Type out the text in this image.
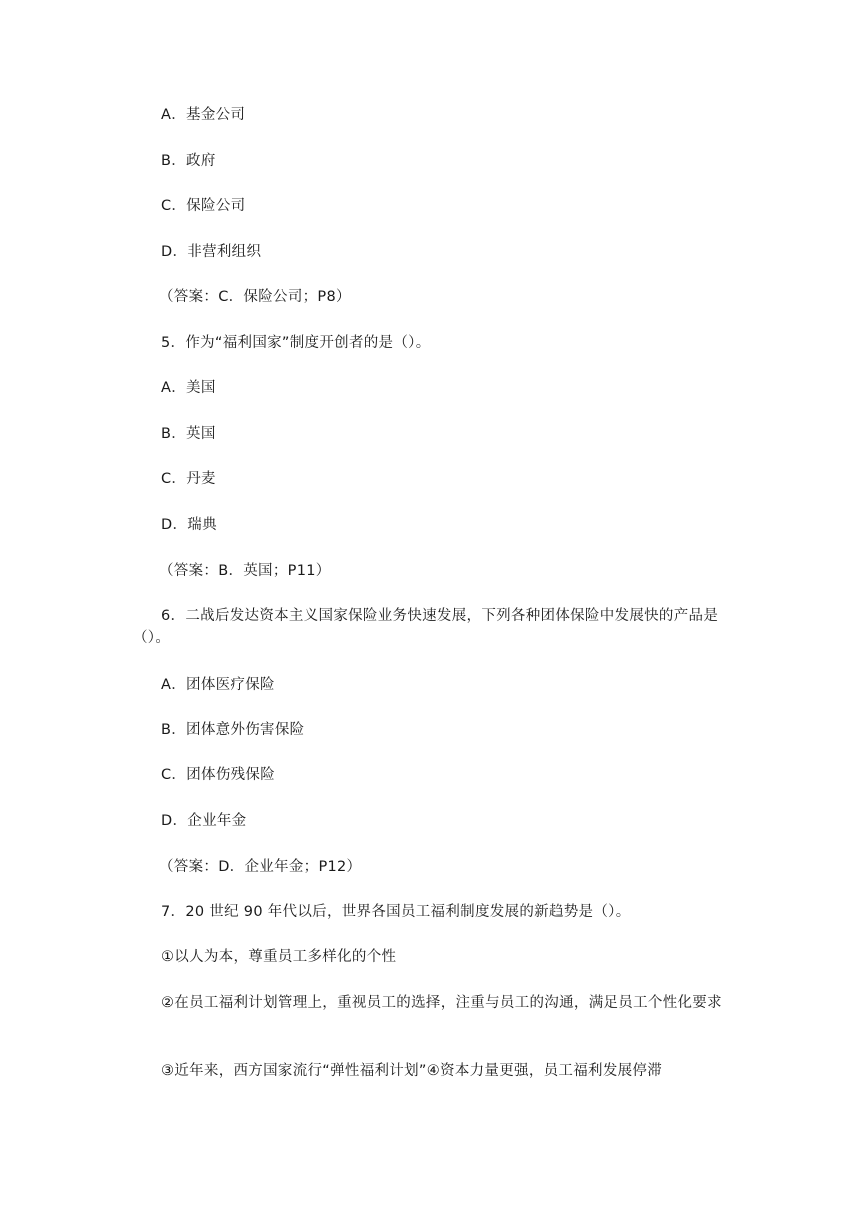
A．基金公司
B．政府
C．保险公司
D．非营利组织
（答案：C．保险公司；P8）
5．作为“福利国家”制度开创者的是（）。
A．美国
B．英国
C．丹麦
D．瑞典
（答案：B．英国；P11）
6．二战后发达资本主义国家保险业务快速发展，下列各种团体保险中发展快的产品是（）。
A．团体医疗保险
B．团体意外伤害保险
C．团体伤残保险
D．企业年金
（答案：D．企业年金；P12）
7．20 世纪 90 年代以后，世界各国员工福利制度发展的新趋势是（）。
①以人为本，尊重员工多样化的个性
②在员工福利计划管理上，重视员工的选择，注重与员工的沟通，满足员工个性化要求
③近年来，西方国家流行“弹性福利计划”④资本力量更强，员工福利发展停滞
